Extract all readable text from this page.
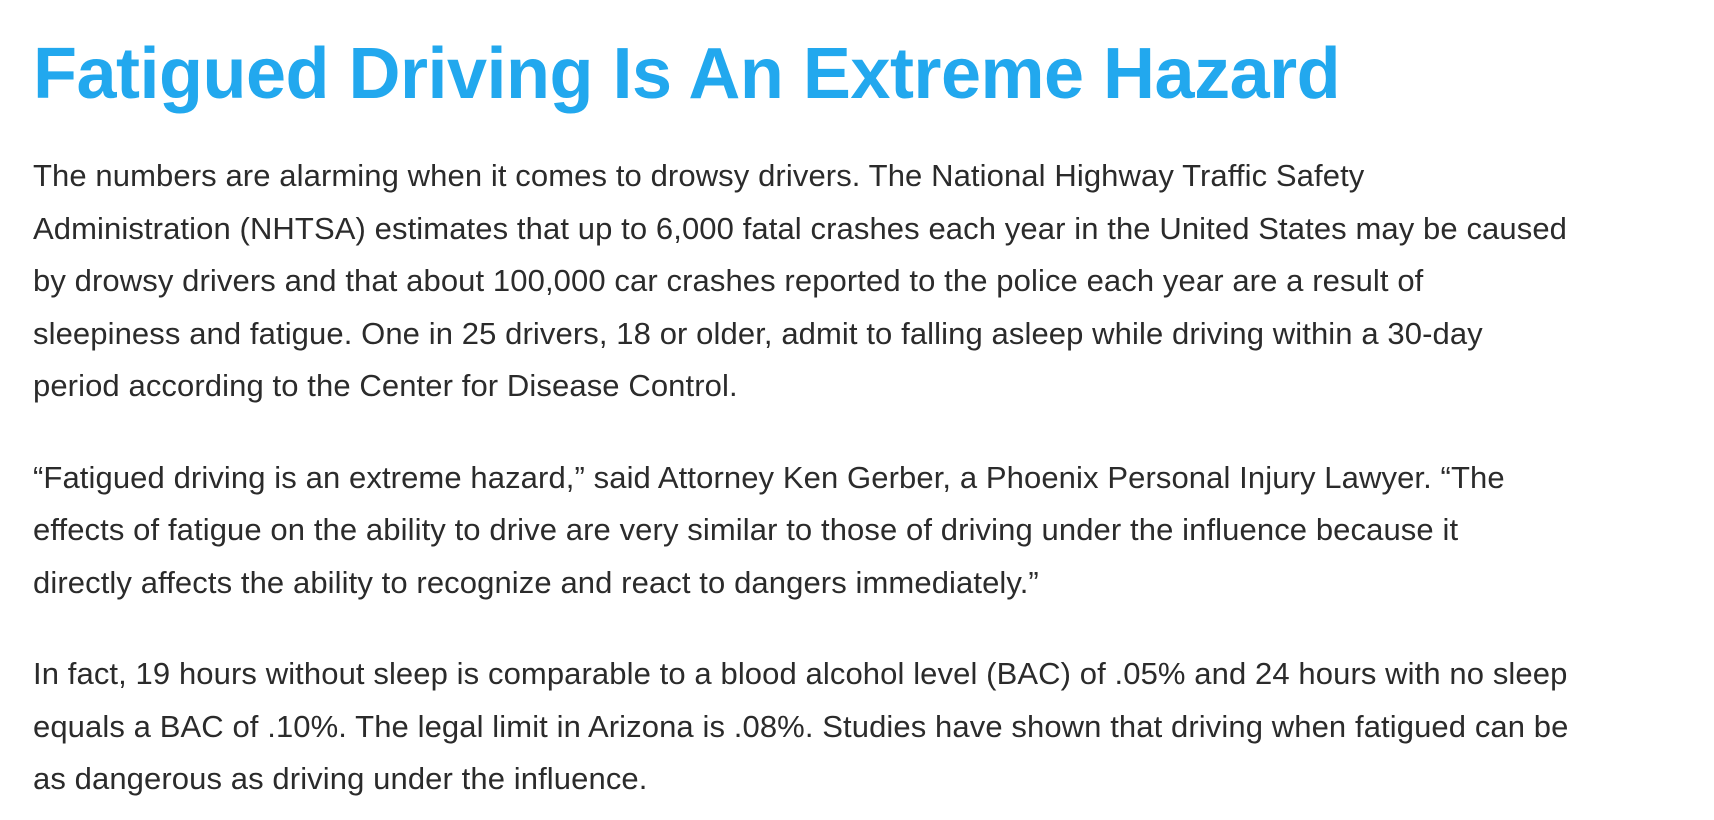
Fatigued Driving Is An Extreme Hazard

The numbers are alarming when it comes to drowsy drivers. The National Highway Traffic Safety
Administration (NHTSA) estimates that up to 6,000 fatal crashes each year in the United States may be caused
by drowsy drivers and that about 100,000 car crashes reported to the police each year are a result of
sleepiness and fatigue. One in 25 drivers, 18 or older, admit to falling asleep while driving within a 30-day
period according to the Center for Disease Control.

“Fatigued driving is an extreme hazard,” said Attorney Ken Gerber, a Phoenix Personal Injury Lawyer. “The
effects of fatigue on the ability to drive are very similar to those of driving under the influence because it
directly affects the ability to recognize and react to dangers immediately.”

In fact, 19 hours without sleep is comparable to a blood alcohol level (BAC) of .05% and 24 hours with no sleep
equals a BAC of .10%. The legal limit in Arizona is .08%. Studies have shown that driving when fatigued can be
as dangerous as driving under the influence.
